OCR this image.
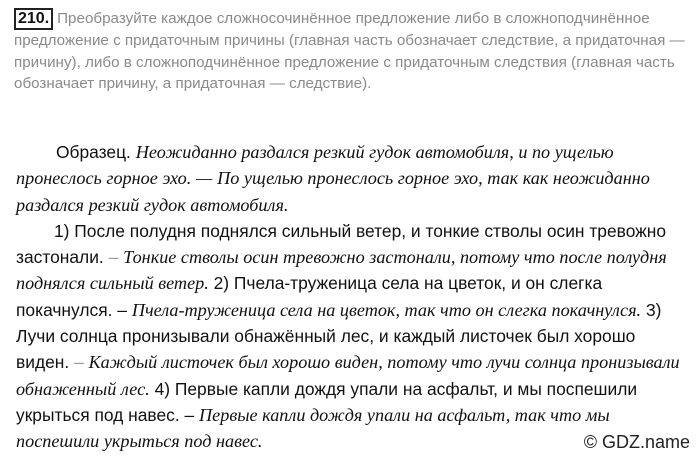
210. Преобразуйте каждое сложносочинённое предложение либо в сложноподчинённое предложение с придаточным причины (главная часть обозначает следствие, а придаточная — причину), либо в сложноподчинённое предложение с придаточным следствия (главная часть обозначает причину, а придаточная — следствие).

Образец. Неожиданно раздался резкий гудок автомобиля, и по ущелью пронеслось горное эхо. — По ущелью пронеслось горное эхо, так как неожиданно раздался резкий гудок автомобиля.

1) После полудня поднялся сильный ветер, и тонкие стволы осин тревожно застонали. – Тонкие стволы осин тревожно застонали, потому что после полудня поднялся сильный ветер. 2) Пчела-труженица села на цветок, и он слегка покачнулся. – Пчела-труженица села на цветок, так что он слегка покачнулся. 3) Лучи солнца пронизывали обнажённый лес, и каждый листочек был хорошо виден. – Каждый листочек был хорошо виден, потому что лучи солнца пронизывали обнаженный лес. 4) Первые капли дождя упали на асфальт, и мы поспешили укрыться под навес. – Первые капли дождя упали на асфальт, так что мы поспешили укрыться под навес.	© GDZ.name
